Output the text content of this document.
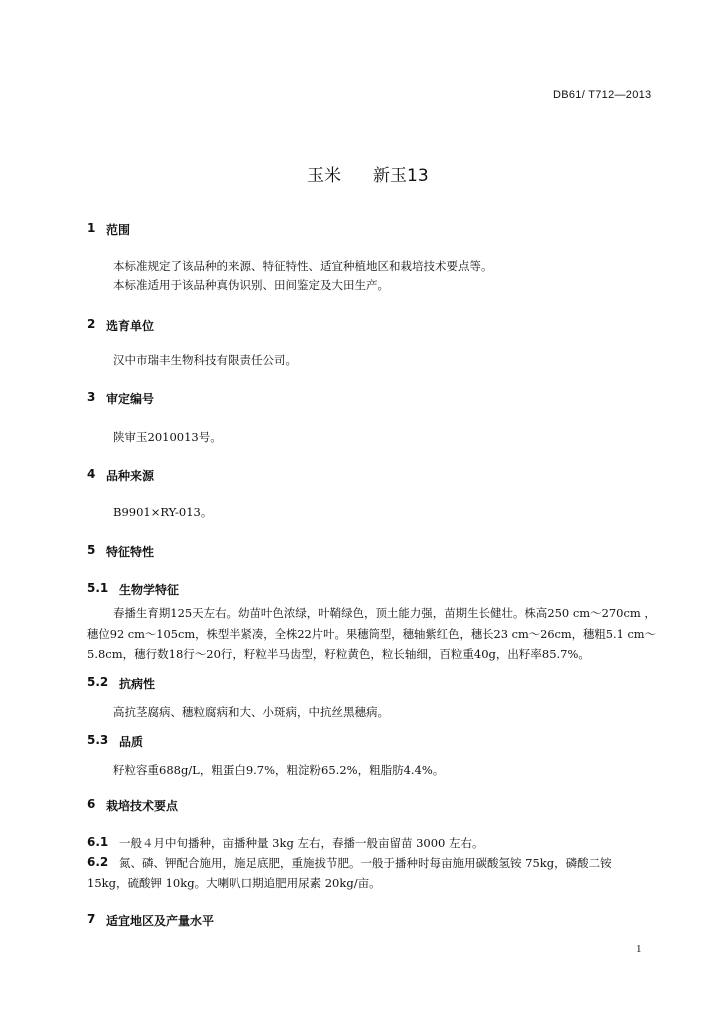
DB61/ T712—2013
玉米 新玉13
1 范围
本标准规定了该品种的来源、特征特性、适宜种植地区和栽培技术要点等。
本标准适用于该品种真伪识别、田间鉴定及大田生产。
2 选育单位
汉中市瑞丰生物科技有限责任公司。
3 审定编号
陕审玉2010013号。
4 品种来源
B9901×RY-013。
5 特征特性
5.1 生物学特征
春播生育期125天左右。幼苗叶色浓绿，叶鞘绿色，顶土能力强，苗期生长健壮。株高250 cm～270cm ，
穗位92 cm～105cm，株型半紧凑，全株22片叶。果穗筒型，穗轴紫红色，穗长23 cm～26cm，穗粗5.1 cm～
5.8cm，穗行数18行～20行，籽粒半马齿型，籽粒黄色，粒长轴细，百粒重40g，出籽率85.7%。
5.2 抗病性
高抗茎腐病、穗粒腐病和大、小斑病，中抗丝黑穗病。
5.3 品质
籽粒容重688g/L，粗蛋白9.7%，粗淀粉65.2%，粗脂肪4.4%。
6 栽培技术要点
6.1 一般４月中旬播种，亩播种量 3kg 左右，春播一般亩留苗 3000 左右。
6.2 氮、磷、钾配合施用，施足底肥，重施拔节肥。一般于播种时每亩施用碳酸氢铵 75kg，磷酸二铵
15kg，硫酸钾 10kg。大喇叭口期追肥用尿素 20kg/亩。
7 适宜地区及产量水平
1
